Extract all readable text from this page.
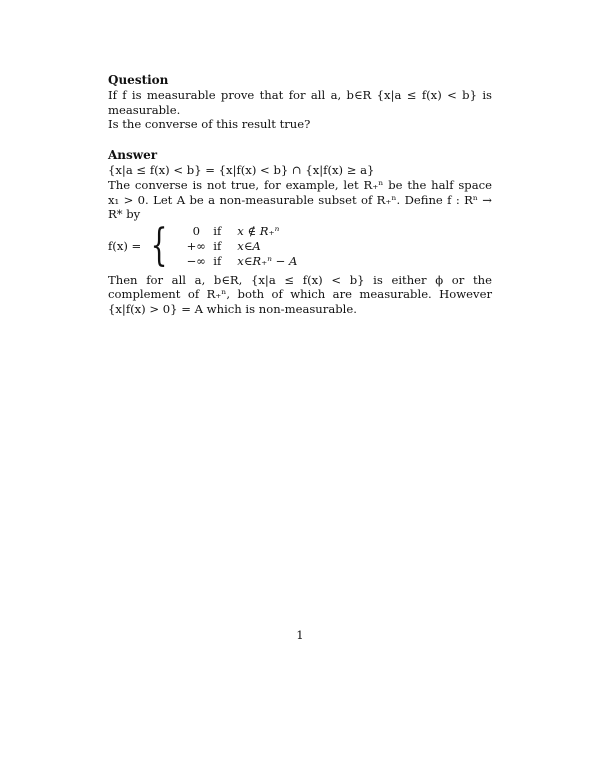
Question
If f is measurable prove that for all a, b∈R {x|a ≤ f(x) < b} is measurable.
Is the converse of this result true?
Answer
{x|a ≤ f(x) < b} = {x|f(x) < b} ∩ {x|f(x) ≥ a}
The converse is not true, for example, let R₊ⁿ be the half space x₁ > 0. Let A be a non-measurable subset of R₊ⁿ. Define f : Rⁿ → R* by
f(x) = {	0	if	x ∉ R₊ⁿ
+∞ if	x∈A
−∞ if	x∈R₊ⁿ − A
Then for all a, b∈R, {x|a ≤ f(x) < b} is either ϕ or the complement of R₊ⁿ, both of which are measurable. However {x|f(x) > 0} = A which is non-measurable.
1
